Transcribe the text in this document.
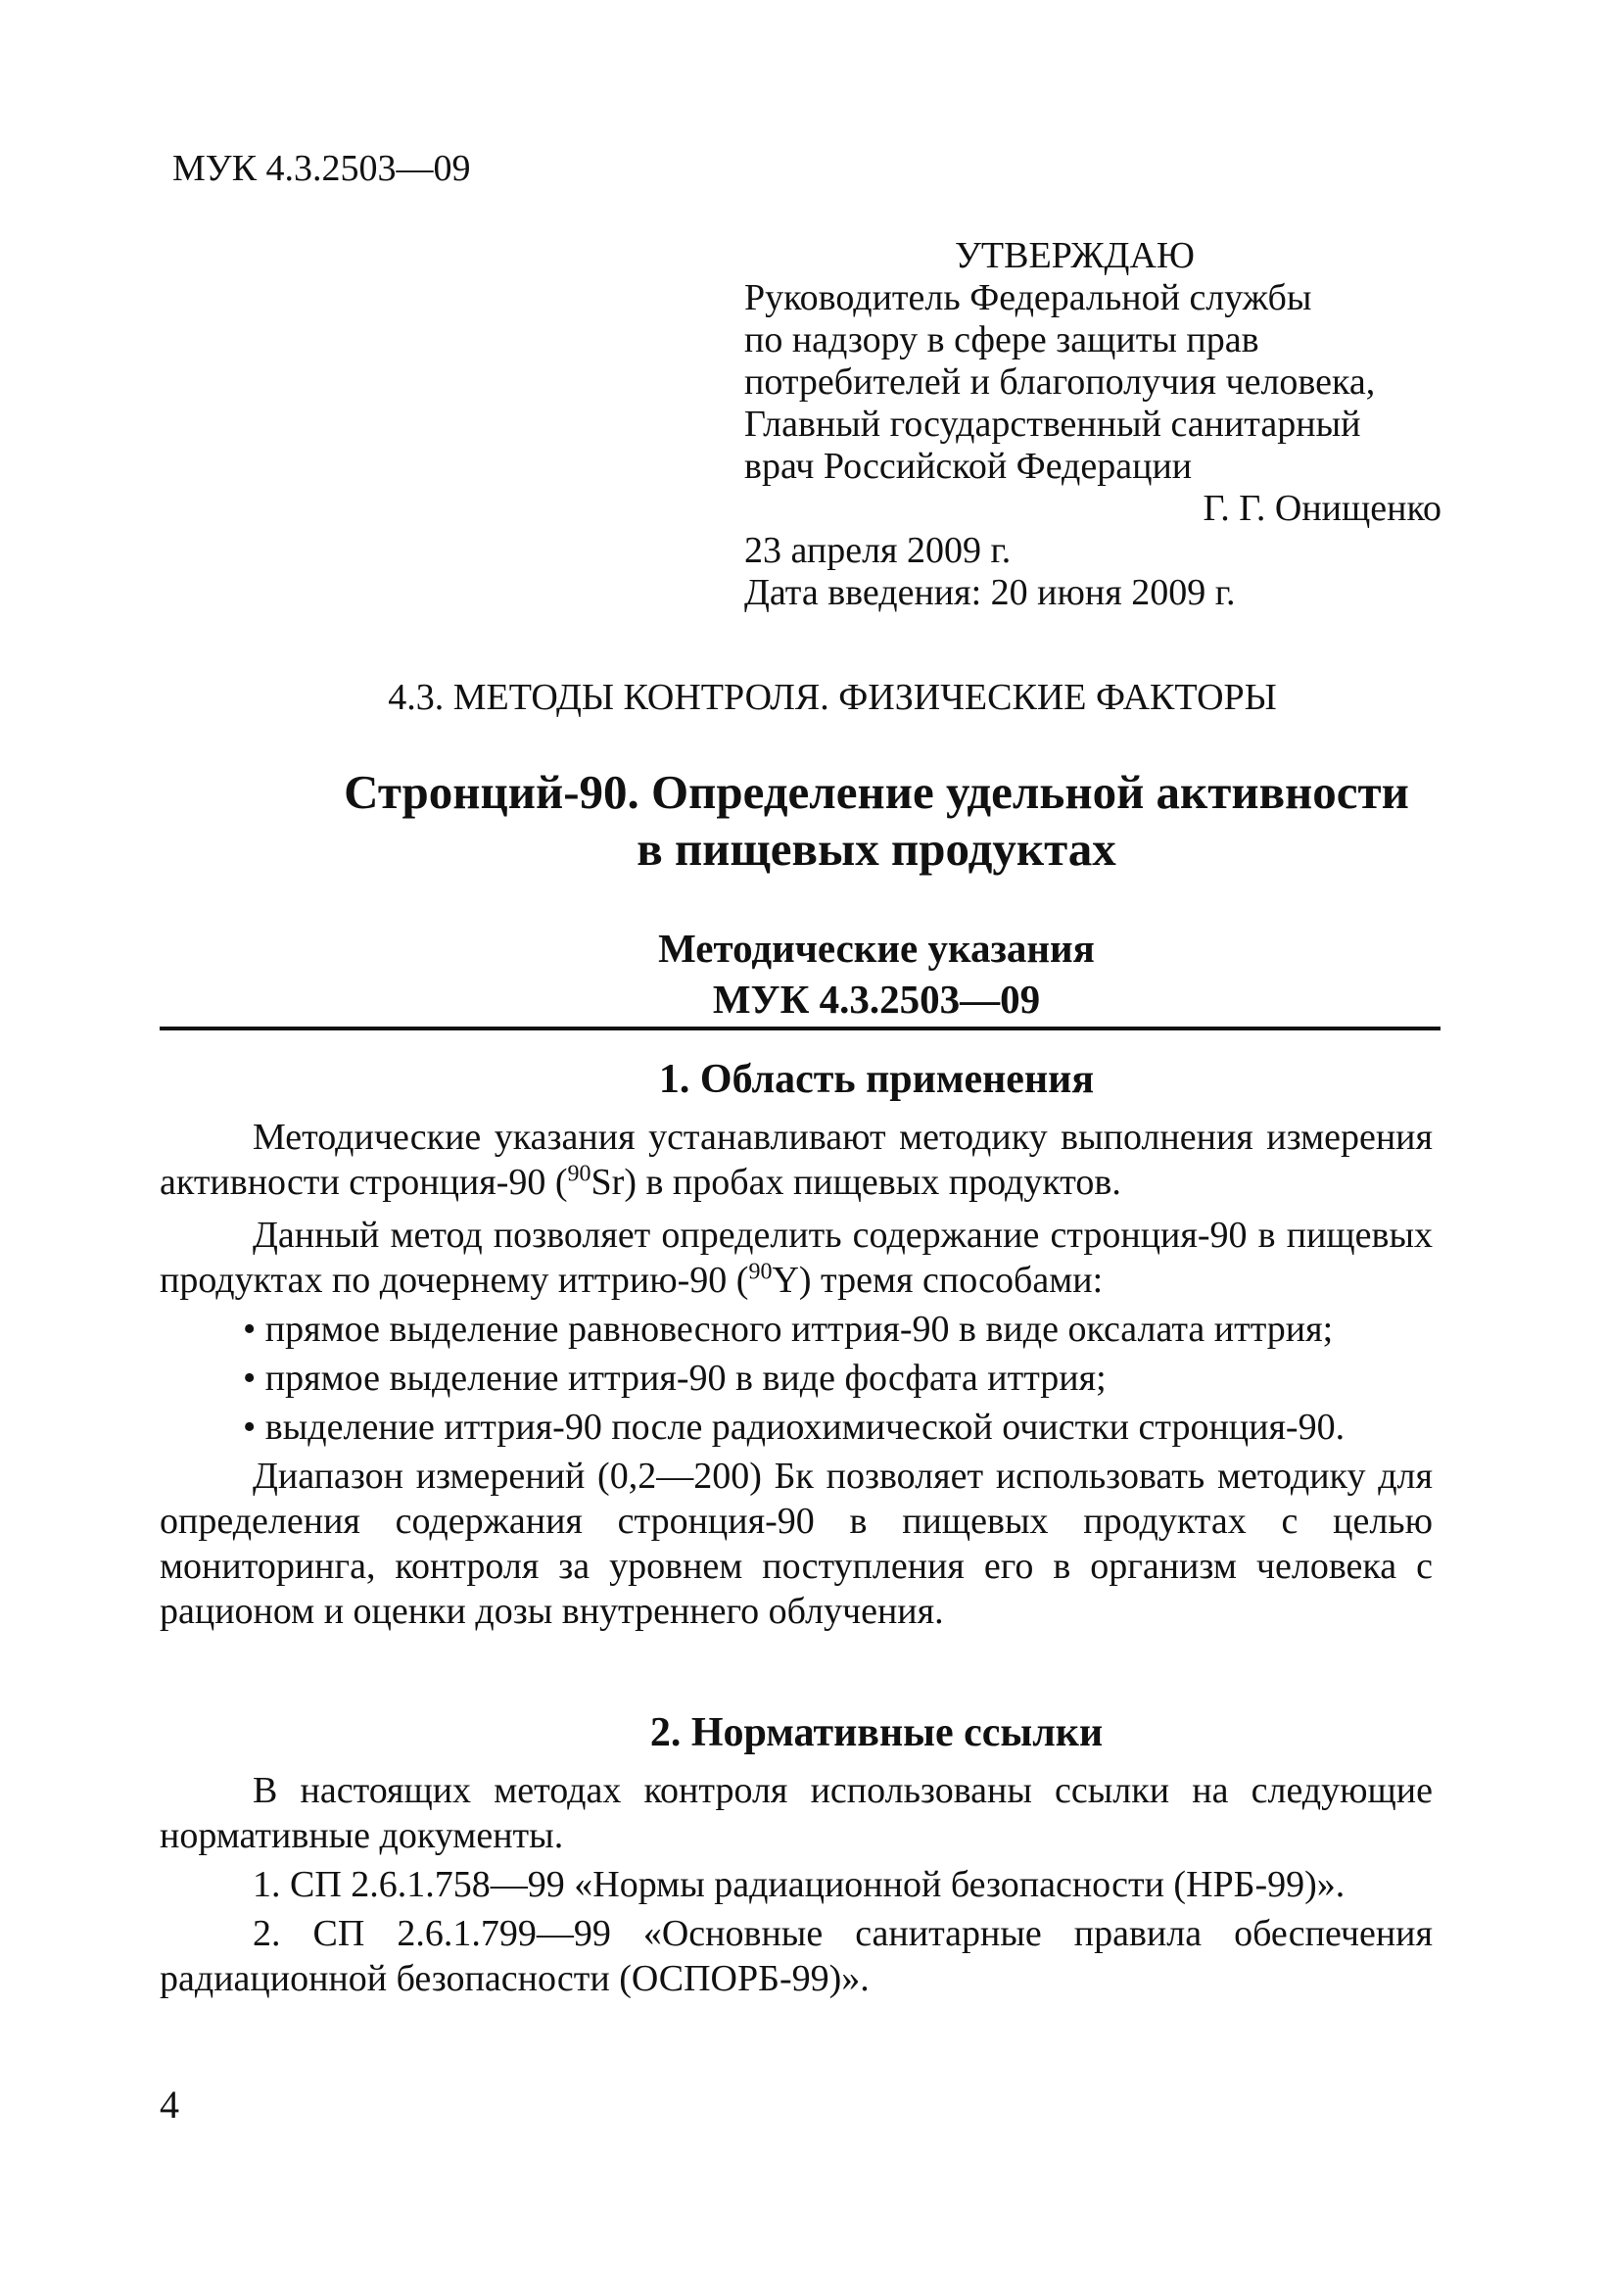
МУК 4.3.2503—09
УТВЕРЖДАЮ
Руководитель Федеральной службы
по надзору в сфере защиты прав
потребителей и благополучия человека,
Главный государственный санитарный
врач Российской Федерации
Г. Г. Онищенко
23 апреля 2009 г.
Дата введения: 20 июня 2009 г.
4.3. МЕТОДЫ КОНТРОЛЯ. ФИЗИЧЕСКИЕ ФАКТОРЫ
Стронций-90. Определение удельной активности
в пищевых продуктах
Методические указания
МУК 4.3.2503—09
1. Область применения

Методические указания устанавливают методику выполнения измерения активности стронция-90 ($^{90}$Sr) в пробах пищевых продуктов.

Данный метод позволяет определить содержание стронция-90 в пищевых продуктах по дочернему иттрию-90 ($^{90}$Y) тремя способами:

• прямое выделение равновесного иттрия-90 в виде оксалата иттрия;

• прямое выделение иттрия-90 в виде фосфата иттрия;

• выделение иттрия-90 после радиохимической очистки стронция-90.

Диапазон измерений (0,2—200) Бк позволяет использовать методику для определения содержания стронция-90 в пищевых продуктах с целью мониторинга, контроля за уровнем поступления его в организм человека с рационом и оценки дозы внутреннего облучения.

2. Нормативные ссылки

В настоящих методах контроля использованы ссылки на следующие нормативные документы.

1. СП 2.6.1.758—99 «Нормы радиационной безопасности (НРБ-99)».

2. СП 2.6.1.799—99 «Основные санитарные правила обеспечения радиационной безопасности (ОСПОРБ-99)».

4
